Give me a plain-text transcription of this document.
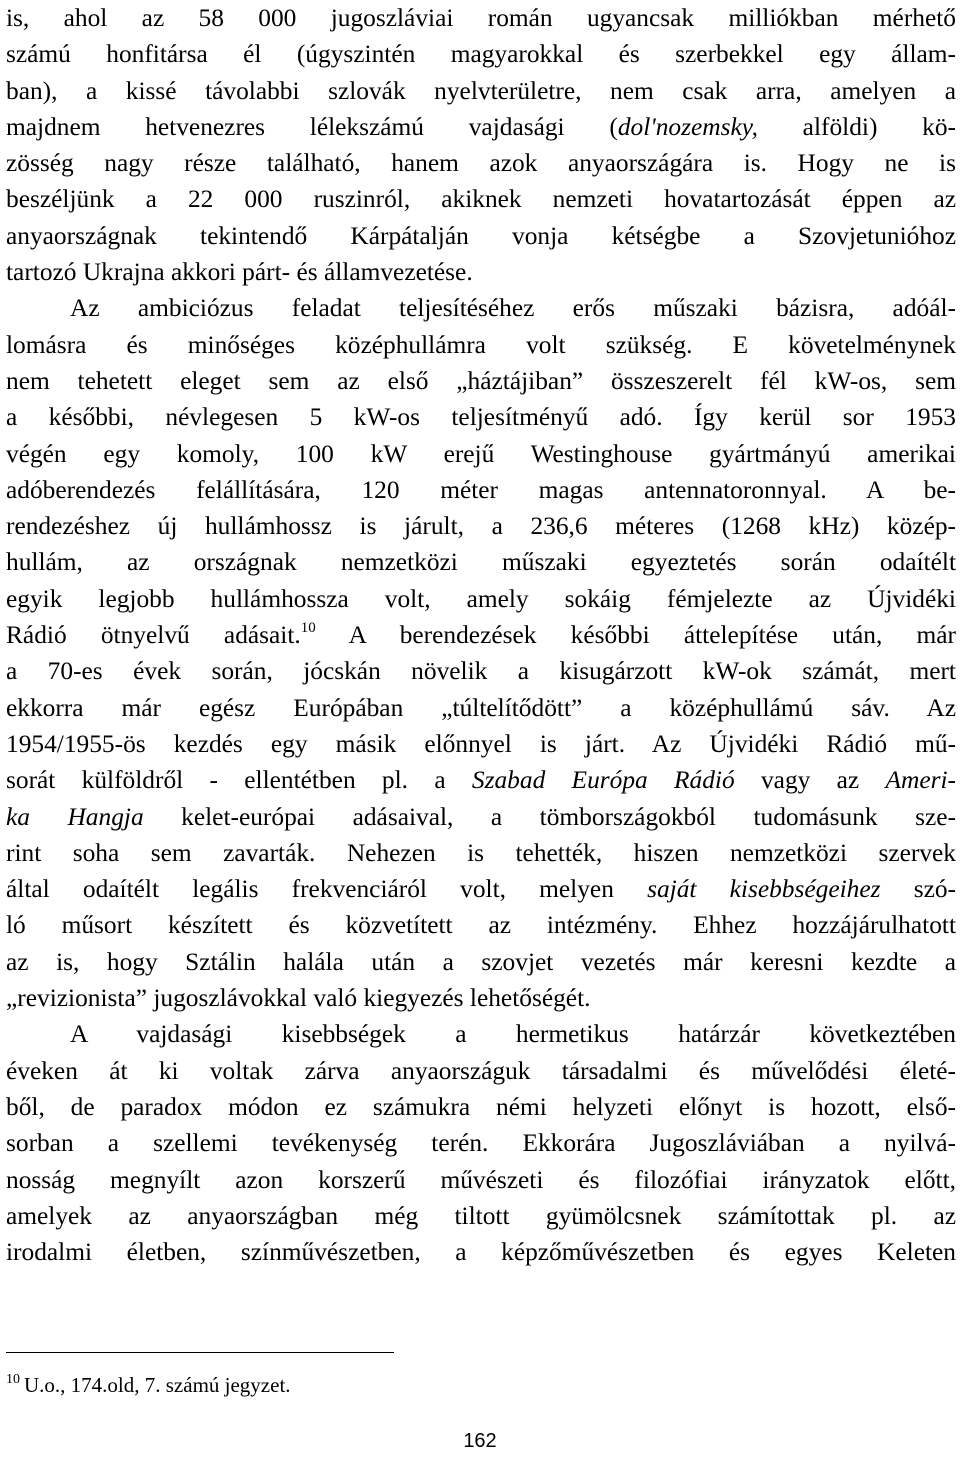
is, ahol az 58 000 jugoszláviai román ugyancsak milliókban mérhető
számú honfitársa él (úgyszintén magyarokkal és szerbekkel egy állam-
ban), a kissé távolabbi szlovák nyelvterületre, nem csak arra, amelyen a
majdnem hetvenezres lélekszámú vajdasági (dol'nozemsky, alföldi) kö-
zösség nagy része található, hanem azok anyaországára is. Hogy ne is
beszéljünk a 22 000 ruszinról, akiknek nemzeti hovatartozását éppen az
anyaországnak tekintendő Kárpátalján vonja kétségbe a Szovjetunióhoz
tartozó Ukrajna akkori párt- és államvezetése.
Az ambiciózus feladat teljesítéséhez erős műszaki bázisra, adóál-
lomásra és minőséges középhullámra volt szükség. E követelménynek
nem tehetett eleget sem az első „háztájiban” összeszerelt fél kW-os, sem
a későbbi, névlegesen 5 kW-os teljesítményű adó. Így kerül sor 1953
végén egy komoly, 100 kW erejű Westinghouse gyártmányú amerikai
adóberendezés felállítására, 120 méter magas antennatoronnyal. A be-
rendezéshez új hullámhossz is járult, a 236,6 méteres (1268 kHz) közép-
hullám, az országnak nemzetközi műszaki egyeztetés során odaítélt
egyik legjobb hullámhossza volt, amely sokáig fémjelezte az Újvidéki
Rádió ötnyelvű adásait.$^{10}$ A berendezések későbbi áttelepítése után, már
a 70-es évek során, jócskán növelik a kisugárzott kW-ok számát, mert
ekkorra már egész Európában „túltelítődött” a középhullámú sáv. Az
1954/1955-ös kezdés egy másik előnnyel is járt. Az Újvidéki Rádió mű-
sorát külföldről - ellentétben pl. a Szabad Európa Rádió vagy az Ameri-
ka Hangja kelet-európai adásaival, a tömbországokból tudomásunk sze-
rint soha sem zavarták. Nehezen is tehették, hiszen nemzetközi szervek
által odaítélt legális frekvenciáról volt, melyen saját kisebbségeihez szó-
ló műsort készített és közvetített az intézmény. Ehhez hozzájárulhatott
az is, hogy Sztálin halála után a szovjet vezetés már keresni kezdte a
„revizionista” jugoszlávokkal való kiegyezés lehetőségét.
A vajdasági kisebbségek a hermetikus határzár következtében
éveken át ki voltak zárva anyaországuk társadalmi és művelődési életé-
ből, de paradox módon ez számukra némi helyzeti előnyt is hozott, első-
sorban a szellemi tevékenység terén. Ekkorára Jugoszláviában a nyilvá-
nosság megnyílt azon korszerű művészeti és filozófiai irányzatok előtt,
amelyek az anyaországban még tiltott gyümölcsnek számítottak pl. az
irodalmi életben, színművészetben, a képzőművészetben és egyes Keleten
$^{10}$ U.o., 174.old, 7. számú jegyzet.
162
